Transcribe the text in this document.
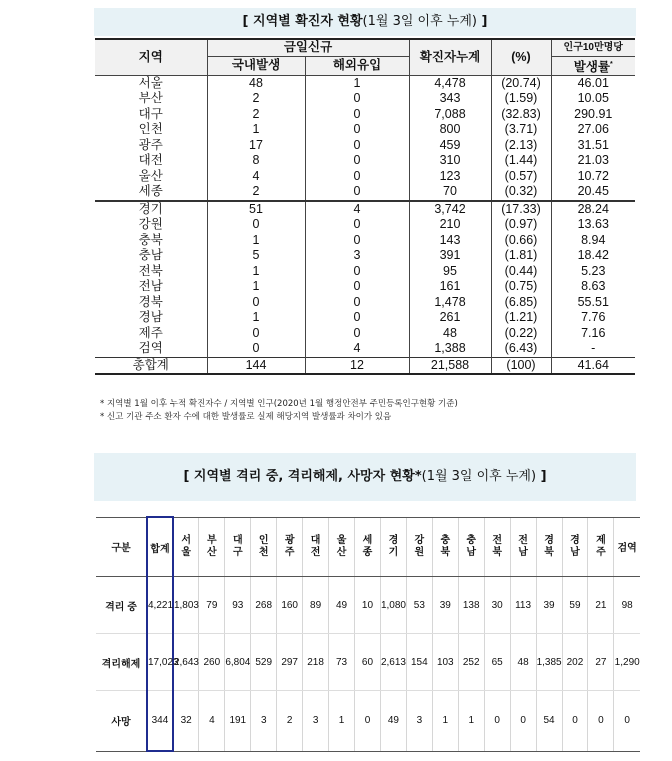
[ 지역별 확진자 현황(1월 3일 이후 누계) ]
지역	금일신규		확진자누계	(%)	인구10만명당
	국내발생	해외유입			발생률*
서울	48	1	4,478	(20.74)	46.01
부산	2	0	343	(1.59)	10.05
대구	2	0	7,088	(32.83)	290.91
인천	1	0	800	(3.71)	27.06
광주	17	0	459	(2.13)	31.51
대전	8	0	310	(1.44)	21.03
울산	4	0	123	(0.57)	10.72
세종	2	0	70	(0.32)	20.45
경기	51	4	3,742	(17.33)	28.24
강원	0	0	210	(0.97)	13.63
충북	1	0	143	(0.66)	8.94
충남	5	3	391	(1.81)	18.42
전북	1	0	95	(0.44)	5.23
전남	1	0	161	(0.75)	8.63
경북	0	0	1,478	(6.85)	55.51
경남	1	0	261	(1.21)	7.76
제주	0	0	48	(0.22)	7.16
검역	0	4	1,388	(6.43)	-
총합계	144	12	21,588	(100)	41.64
* 지역별 1월 이후 누적 확진자수 / 지역별 인구(2020년 1월 행정안전부 주민등록인구현황 기준)
* 신고 기관 주소 환자 수에 대한 발생률로 실제 해당지역 발생률과 차이가 있음
[ 지역별 격리 중, 격리해제, 사망자 현황*(1월 3일 이후 누계) ]
구분	합계	서울	부산	대구	인천	광주	대전	울산	세종	경기	강원	충북	충남	전북	전남	경북	경남	제주	검역
격리 중	4,221	1,803	79	93	268	160	89	49	10	1,080	53	39	138	30	113	39	59	21	98
격리해제	17,023	2,643	260	6,804	529	297	218	73	60	2,613	154	103	252	65	48	1,385	202	27	1,290
사망	344	32	4	191	3	2	3	1	0	49	3	1	1	0	0	54	0	0	0
